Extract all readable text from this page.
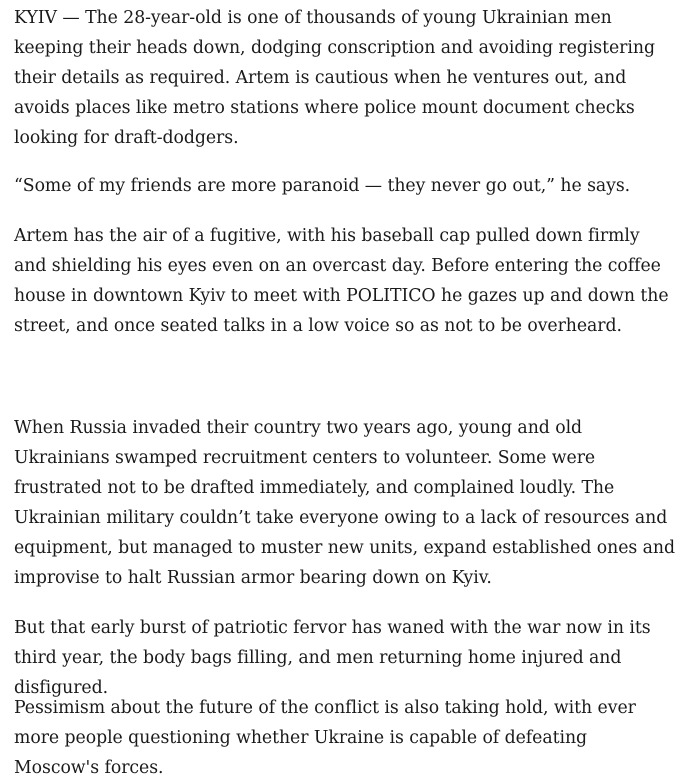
KYIV — The 28-year-old is one of thousands of young Ukrainian men keeping their heads down, dodging conscription and avoiding registering their details as required. Artem is cautious when he ventures out, and avoids places like metro stations where police mount document checks looking for draft-dodgers.

“Some of my friends are more paranoid — they never go out,” he says.

Artem has the air of a fugitive, with his baseball cap pulled down firmly and shielding his eyes even on an overcast day. Before entering the coffee house in downtown Kyiv to meet with POLITICO he gazes up and down the street, and once seated talks in a low voice so as not to be overheard.

When Russia invaded their country two years ago, young and old Ukrainians swamped recruitment centers to volunteer. Some were frustrated not to be drafted immediately, and complained loudly. The Ukrainian military couldn’t take everyone owing to a lack of resources and equipment, but managed to muster new units, expand established ones and improvise to halt Russian armor bearing down on Kyiv.

But that early burst of patriotic fervor has waned with the war now in its third year, the body bags filling, and men returning home injured and disfigured.

Pessimism about the future of the conflict is also taking hold, with ever more people questioning whether Ukraine is capable of defeating Moscow's forces.
